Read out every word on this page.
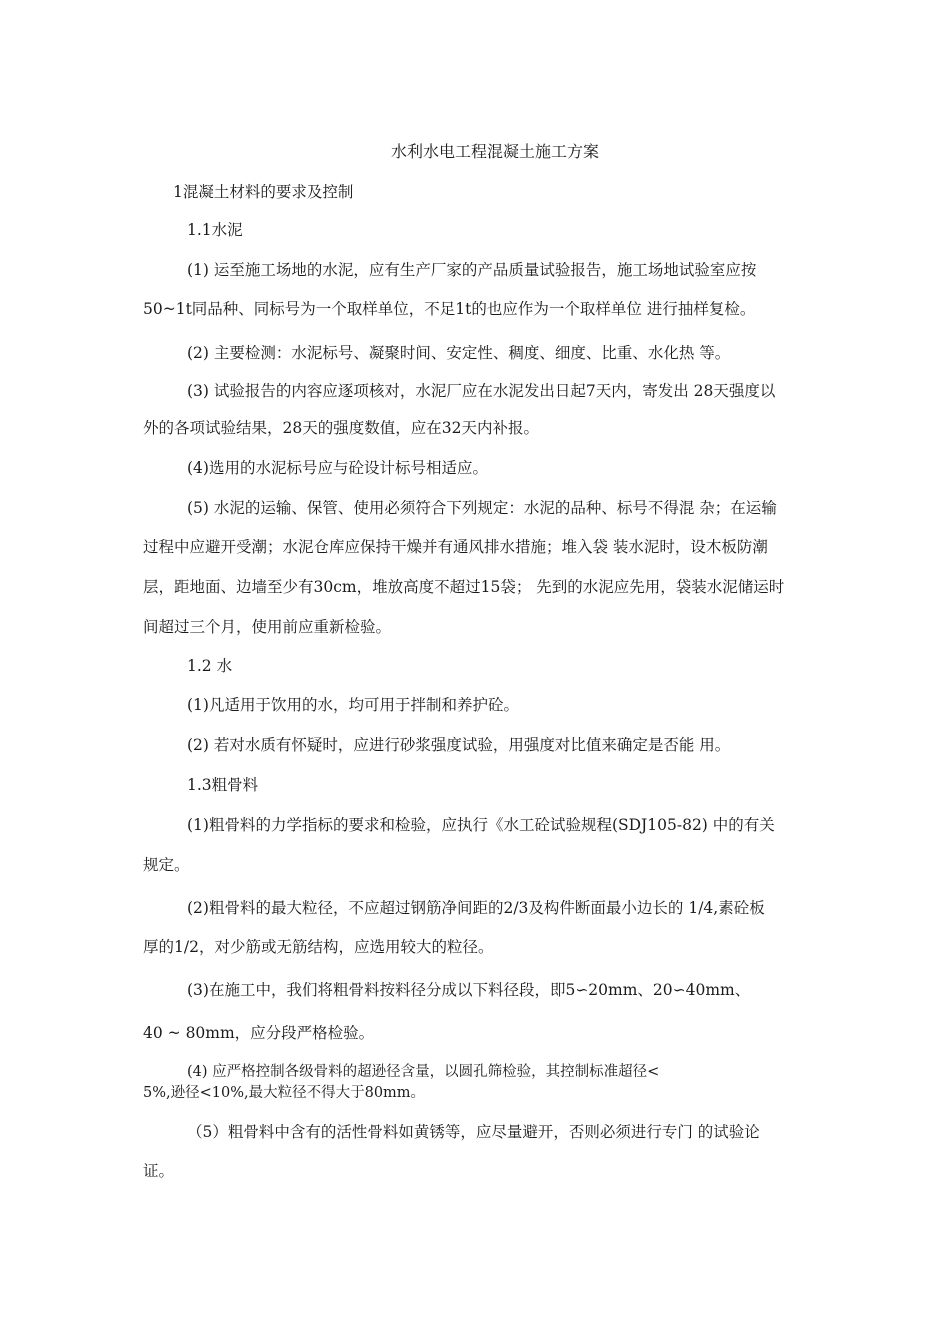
水利水电工程混凝土施工方案
1混凝土材料的要求及控制
1.1水泥
(1) 运至施工场地的水泥，应有生产厂家的产品质量试验报告，施工场地试验室应按
50~1t同品种、同标号为一个取样单位，不足1t的也应作为一个取样单位 进行抽样复检。
(2) 主要检测：水泥标号、凝聚时间、安定性、稠度、细度、比重、水化热 等。
(3) 试验报告的内容应逐项核对，水泥厂应在水泥发出日起7天内，寄发出 28天强度以
外的各项试验结果，28天的强度数值，应在32天内补报。
(4)选用的水泥标号应与砼设计标号相适应。
(5) 水泥的运输、保管、使用必须符合下列规定：水泥的品种、标号不得混 杂；在运输
过程中应避开受潮；水泥仓库应保持干燥并有通风排水措施；堆入袋 装水泥时，设木板防潮
层，距地面、边墙至少有30cm，堆放高度不超过15袋； 先到的水泥应先用，袋装水泥储运时
间超过三个月，使用前应重新检验。
1.2 水
(1)凡适用于饮用的水，均可用于拌制和养护砼。
(2) 若对水质有怀疑时，应进行砂浆强度试验，用强度对比值来确定是否能 用。
1.3粗骨料
(1)粗骨料的力学指标的要求和检验，应执行《水工砼试验规程(SDJ105-82) 中的有关
规定。
(2)粗骨料的最大粒径，不应超过钢筋净间距的2/3及构件断面最小边长的 1/4,素砼板
厚的1/2，对少筋或无筋结构，应选用较大的粒径。
(3)在施工中，我们将粗骨料按料径分成以下料径段，即5∽20mm、20∽40mm、
40 ~ 80mm，应分段严格检验。
(4) 应严格控制各级骨料的超逊径含量，以圆孔筛检验，其控制标准超径<
5%,逊径<10%,最大粒径不得大于80mm。
（5）粗骨料中含有的活性骨料如黄锈等，应尽量避开，否则必须进行专门 的试验论
证。
